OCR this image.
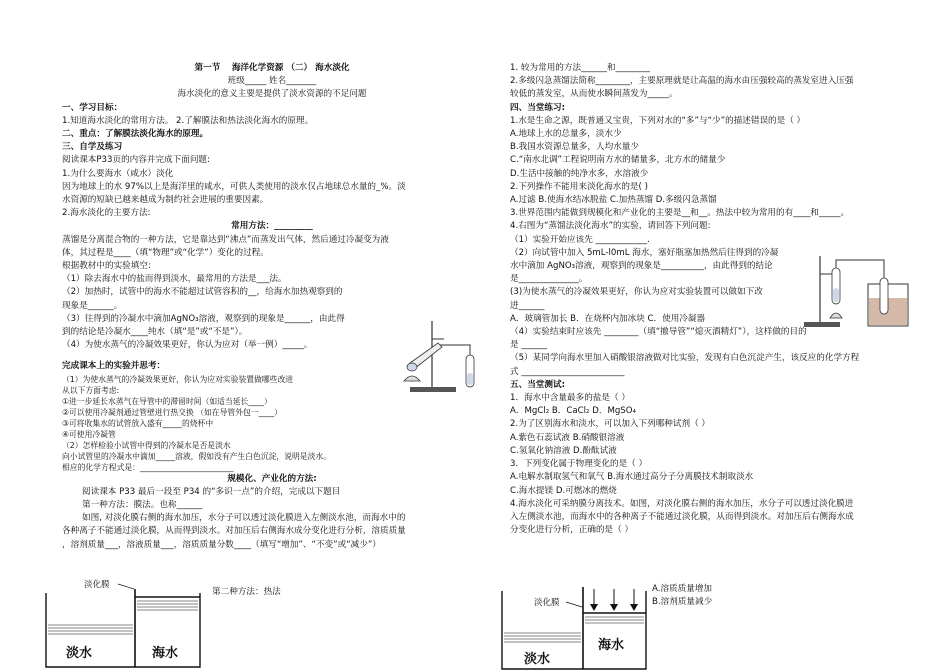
第一节　 海洋化学资源 （二） 海水淡化
班级_____ 姓名_______
海水淡化的意义主要是提供了淡水资源的不足问题
一、学习目标：
1.知道海水淡化的常用方法。 2.了解膜法和热法淡化海水的原理。
二、重点：了解膜法淡化海水的原理。
三、自学及练习
阅读课本P33页的内容并完成下面问题:
1.为什么要海水（咸水）淡化
因为地球上的水 97%以上是海洋里的咸水，可供人类使用的淡水仅占地球总水量的_%。淡
水资源的短缺已越来越成为制约社会进展的重要因素。
2.海水淡化的主要方法:
常用方法：_________
蒸馏是分离混合物的一种方法，它是靠达到“沸点”而蒸发出气体，然后通过冷凝变为液
体，其过程是____（填“物理”或“化学”）变化的过程。
根据教材中的实验填空:
（1）除去海水中的盐而得到淡水，最常用的方法是___法。
（2）加热时，试管中的海水不能超过试管容积的__，给海水加热观察到的
现象是______。
（3）往得到的冷凝水中滴加AgNO₃溶液，观察到的现象是______，由此得
到的结论是冷凝水____纯水（填“是”或“不是”）。
（4）为使水蒸气的冷凝效果更好，你认为应对（举一例）_____。
完成课本上的实验并思考：
（1）为使水蒸气的冷凝效果更好，你认为应对实验装置做哪些改进
从以下方面考虑:
①进一步延长水蒸气在导管中的滞留时间（如适当延长____）
②可以使用冷凝剂通过管壁进行热交换 （如在导管外包一____）
③可将收集水的试管放入盛有_____的烧杯中
④可使用冷凝管
（2）怎样检验小试管中得到的冷凝水是否是淡水
向小试管里的冷凝水中滴加_____溶液，假如没有产生白色沉淀，说明是淡水。
相应的化学方程式是：________________________
规模化、产业化的方法:
阅读课本 P33 最后一段至 P34 的“多识一点”的介绍，完成以下题目
第一种方法：膜法。也称______
如图, 对淡化膜右侧的海水加压，水分子可以透过淡化膜进入左侧淡水池，而海水中的
各种离子不能通过淡化膜，从而得到淡水。对加压后右侧海水成分变化进行分析，溶质质量
，溶剂质量___，溶液质量___，溶质质量分数____（填写“增加”、“不变”或“减少”）
第二种方法：热法
淡化膜
淡水	海水
1. 较为常用的方法______和________
2.多级闪急蒸馏法简称________，主要原理就是让高温的海水由压强较高的蒸发室进入压强
较低的蒸发室，从而使水瞬间蒸发为_____。
四、当堂练习:
1.水是生命之源，既普通又宝贵，下列对水的“多”与“少”的描述错误的是（ ）
A.地球上水的总量多，淡水少
B.我国水资源总量多，人均水量少
C.“南水北调”工程说明南方水的储量多，北方水的储量少
D.生活中接触的纯净水多，水溶液少
2.下列操作不能用来淡化海水的是( )
A.过滤 B.使海水结冰脱盐 C.加热蒸馏 D.多级闪急蒸馏
3.世界范围内能做到规模化和产业化的主要是__和__。热法中较为常用的有____和_____。
4.右图为“蒸馏法淡化海水”的实验，请回答下列问题:
（1）实验开始应该先 ____________.
（2）向试管中加入 5mL-l0mL 海水，塞好瓶塞加热然后往得到的冷凝
水中滴加 AgNO₃溶液，观察到的现象是__________，由此得到的结论
是______________。
(3)为使水蒸气的冷凝效果更好，你认为应对实验装置可以做如下改
进______
A．玻璃管加长 B．在烧杯内加冰块 C．使用冷凝器
（4）实验结束时应该先 ________（填“撤导管”“熄灭酒精灯”），这样做的目的
是 ______
（5）某同学向海水里加入硝酸银溶液做对比实验，发现有白色沉淀产生，该反应的化学方程
式 ________________________
五、当堂测试:
1．海水中含量最多的盐是（ ）
A．MgCl₂ B．CaCl₂ D．MgSO₄
2.为了区别海水和淡水，可以加入下列哪种试剂（ ）
A.紫色石蕊试液 B.硝酸银溶液
C.氢氧化钠溶液 D.酚酞试液
3．下列变化属于物理变化的是（ ）
A.电解水制取氢气和氧气 B.海水通过高分子分离膜技术制取淡水
C.海水提镁 D.可燃冰的燃烧
4.海水淡化可采纳膜分离技术。如图，对淡化膜右侧的海水加压，水分子可以透过淡化膜进
入左侧淡水池，而海水中的各种离子不能通过淡化膜，从而得到淡水。对加压后右侧海水成
分变化进行分析，正确的是（ ）
A.溶质质量增加
B.溶剂质量减少
淡化膜
淡水
海水
